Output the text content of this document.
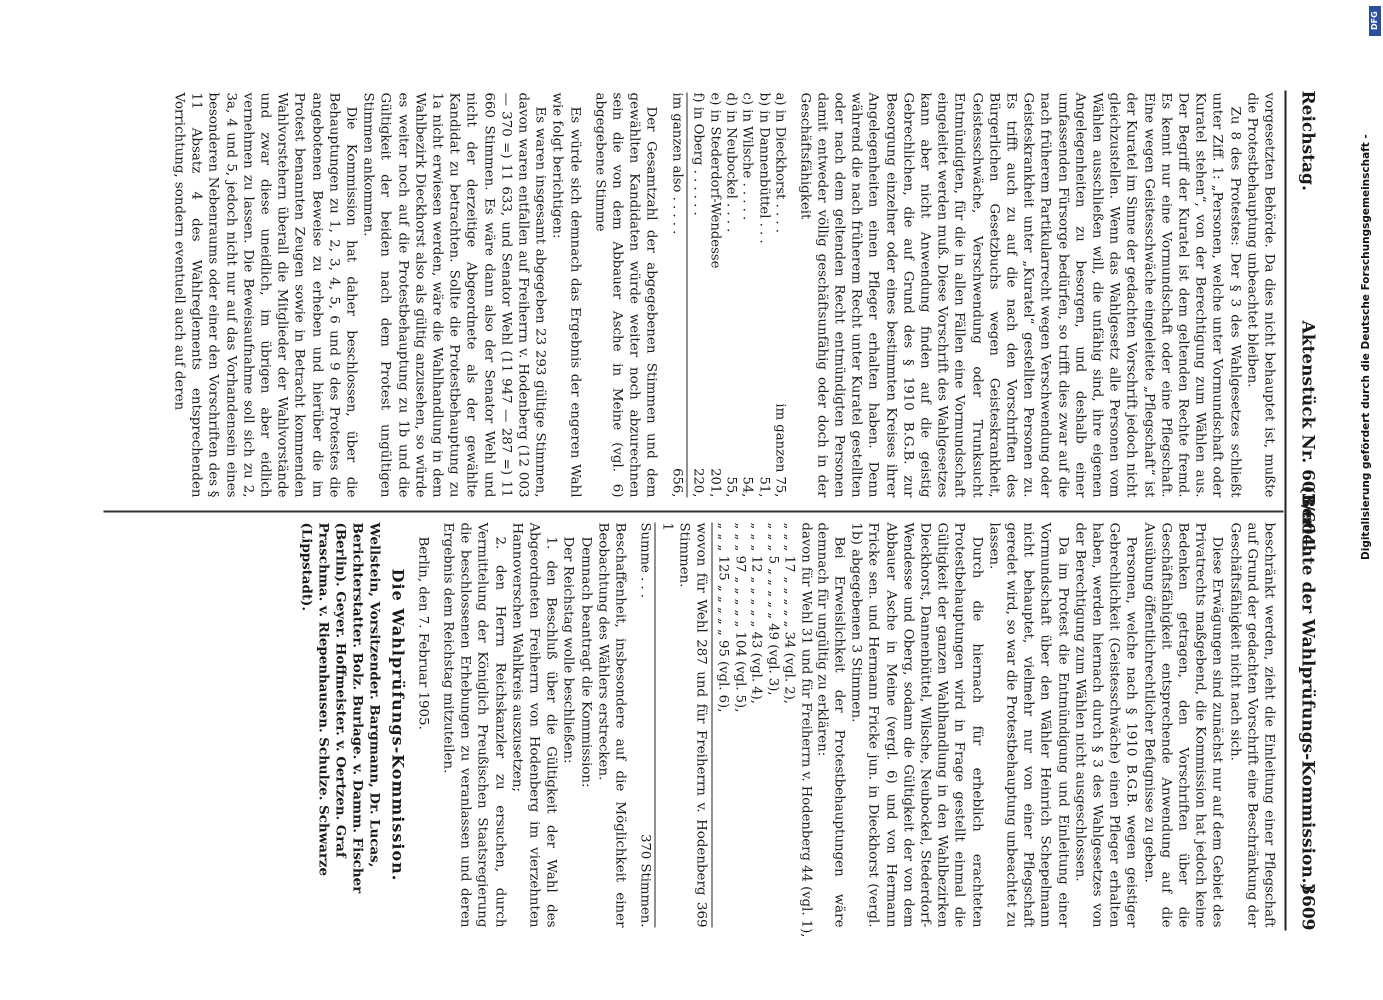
Reichstag.
Aktenstück Nr. 603/604.
(Berichte der Wahlprüfungs-Kommission.)
3609

vorgesetzten Behörde. Da dies nicht behauptet ist, mußte die Protestbehauptung unbeachtet bleiben.

Zu 8 des Protestes: Der § 3 des Wahlgesetzes schließt unter Ziff. 1: „Personen, welche unter Vormundschaft oder Kuratel stehen“, von der Berechtigung zum Wählen aus. Der Begriff der Kuratel ist dem geltenden Rechte fremd. Es kennt nur eine Vormundschaft oder eine Pflegschaft. Eine wegen Geistesschwäche eingeleitete „Pflegschaft“ ist der Kuratel im Sinne der gedachten Vorschrift jedoch nicht gleichzustellen. Wenn das Wahlgesetz alle Personen vom Wählen ausschließen will, die unfähig sind, ihre eigenen Angelegenheiten zu besorgen, und deshalb einer umfassenden Fürsorge bedürfen, so trifft dies zwar auf die nach früherem Partikularrecht wegen Verschwendung oder Geisteskrankheit unter „Kuratel“ gestellten Personen zu. Es trifft auch zu auf die nach den Vorschriften des Bürgerlichen Gesetzbuchs wegen Geisteskrankheit, Geistesschwäche, Verschwendung oder Trunksucht Entmündigten, für die in allen Fällen eine Vormundschaft eingeleitet werden muß. Diese Vorschrift des Wahlgesetzes kann aber nicht Anwendung finden auf die geistig Gebrechlichen, die auf Grund des § 1910 B.G.B. zur Besorgung einzelner oder eines bestimmten Kreises ihrer Angelegenheiten einen Pfleger erhalten haben. Denn während die nach früherem Recht unter Kuratel gestellten oder nach dem geltenden Recht entmündigten Personen damit entweder völlig geschäftsunfähig oder doch in der Geschäftsfähigkeit

a) in Dieckhorst . . . .	im ganzen 75,
b) in Dannenbüttel . . .	51,
c) in Wilsche . . . . .	54,
d) in Neubockel . . . .	55,
e) in Stederdorf-Wendesse	201,
f) in Oberg . . . . . .	220,
im ganzen also . . . . .	656,

Der Gesamtzahl der abgegebenen Stimmen und dem gewählten Kandidaten würde weiter noch abzurechnen sein die von dem Abbauer Asche in Meine (vgl. 6) abgegebene Stimme

Es würde sich demnach das Ergebnis der engeren Wahl wie folgt berichtigen:

Es waren insgesamt abgegeben 23 293 gültige Stimmen, davon waren entfallen auf Freiherrn v. Hodenberg (12 003 — 370 =) 11 633, und Senator Wehl (11 947 — 287 =) 11 660 Stimmen. Es wäre dann also der Senator Wehl und nicht der derzeitige Abgeordnete als der gewählte Kandidat zu betrachten. Sollte die Protestbehauptung zu 1a nicht erwiesen werden, wäre die Wahlhandlung in dem Wahlbezirk Dieckhorst also als gültig anzusehen, so würde es weiter noch auf die Protestbehauptung zu 1b und die Gültigkeit der beiden nach dem Protest ungültigen Stimmen ankommen.

Die Kommission hat daher beschlossen, über die Behauptungen zu 1, 2, 3, 4, 5, 6 und 9 des Protestes die angebotenen Beweise zu erheben und hierüber die im Protest benannten Zeugen sowie in Betracht kommenden Wahlvorstehern überall die Mitglieder der Wahlvorstände und zwar diese uneidlich, im übrigen aber eidlich vernehmen zu lassen. Die Beweisaufnahme soll sich zu 2, 3a, 4 und 5, jedoch nicht nur auf das Vorhandensein eines besonderen Nebenraums oder einer den Vorschriften des § 11 Absatz 4 des Wahlreglements entsprechenden Vorrichtung, sondern eventuell auch auf deren

beschränkt werden, zieht die Einleitung einer Pflegschaft auf Grund der gedachten Vorschrift eine Beschränkung der Geschäftsfähigkeit nicht nach sich.

Diese Erwägungen sind zunächst nur auf dem Gebiet des Privatrechts maßgebend, die Kommission hat jedoch keine Bedenken getragen, den Vorschriften über die Geschäftsfähigkeit entsprechende Anwendung auf die Ausübung öffentlichrechtlicher Befugnisse zu geben.

Personen, welche nach § 1910 B.G.B. wegen geistiger Gebrechlichkeit (Geistesschwäche) einen Pfleger erhalten haben, werden hiernach durch § 3 des Wahlgesetzes von der Berechtigung zum Wählen nicht ausgeschlossen.

Da im Protest die Entmündigung und Einleitung einer Vormundschaft über den Wähler Heinrich Schepelmann nicht behauptet, vielmehr nur von einer Pflegschaft geredet wird, so war die Protestbehauptung unbeachtet zu lassen.

Durch die hiernach für erheblich erachteten Protestbehauptungen wird in Frage gestellt einmal die Gültigkeit der ganzen Wahlhandlung in den Wahlbezirken Dieckhorst, Dannenbüttel, Wilsche, Neubockel, Stederdorf-Wendesse und Oberg, sodann die Gültigkeit der von dem Abbauer Asche in Meine (vergl. 6) und von Hermann Fricke sen. und Hermann Fricke jun. in Dieckhorst (vergl. 1b) abgegebenen 3 Stimmen.

Bei Erweislichkeit der Protestbehauptungen wäre demnach für ungültig zu erklären:

davon für Wehl 31 und für Freiherrn v. Hodenberg 44 (vgl. 1),
„ „ „ 17 „ „ „ „ „ 34 (vgl. 2),
„ „ „ 5 „ „ „ „ „ 49 (vgl. 3),
„ „ „ 12 „ „ „ „ „ 43 (vgl. 4),
„ „ „ 97 „ „ „ „ „ 104 (vgl. 5),
„ „ „ 125 „ „ „ „ „ 95 (vgl. 6),

wovon für Wehl 287 und für Freiherrn v. Hodenberg 369 Stimmen.

1

Summe . . .	370 Stimmen.

Beschaffenheit, insbesondere auf die Möglichkeit einer Beobachtung des Wählers erstrecken.

Demnach beantragt die Kommission:

Der Reichstag wolle beschließen:

1. den Beschluß über die Gültigkeit der Wahl des Abgeordneten Freiherrn von Hodenberg im vierzehnten Hannoverschen Wahlkreis auszusetzen;

2. den Herrn Reichskanzler zu ersuchen, durch Vermittelung der Königlich Preußischen Staatsregierung die beschlossenen Erhebungen zu veranlassen und deren Ergebnis dem Reichstag mitzuteilen.

Berlin, den 7. Februar 1905.

Die Wahlprüfungs-Kommission.

Wellstein, Vorsitzender. Bargmann, Dr. Lucas, Berichterstatter. Bolz. Burlage. v. Damm. Fischer (Berlin). Geyer. Hoffmeister. v. Oertzen. Graf Praschma. v. Riepenhausen. Schulze. Schwarze (Lippstadt).

DFG
Digitalisierung gefördert durch die Deutsche Forschungsgemeinschaft -
